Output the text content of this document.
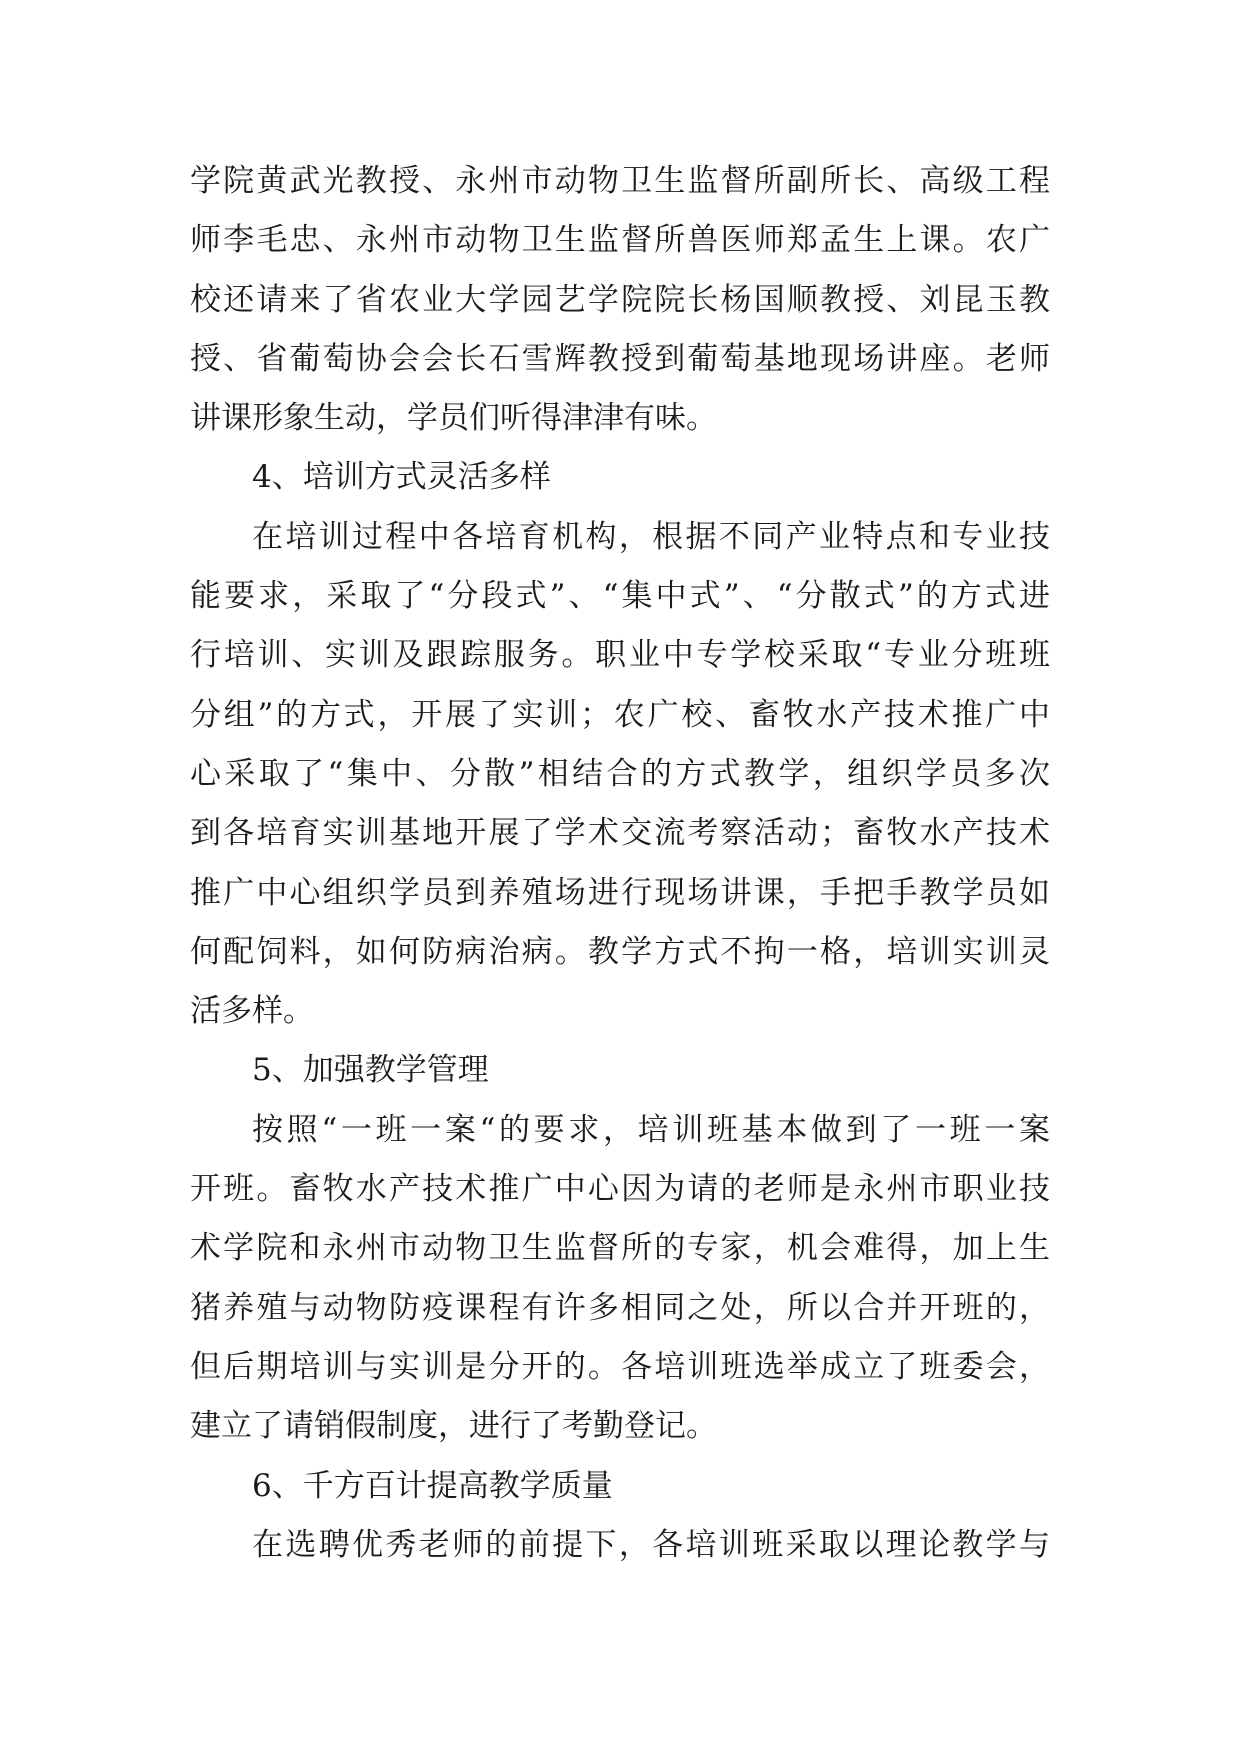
学院黄武光教授、永州市动物卫生监督所副所长、高级工程
师李毛忠、永州市动物卫生监督所兽医师郑孟生上课。农广
校还请来了省农业大学园艺学院院长杨国顺教授、刘昆玉教
授、省葡萄协会会长石雪辉教授到葡萄基地现场讲座。老师
讲课形象生动，学员们听得津津有味。
4、培训方式灵活多样
在培训过程中各培育机构，根据不同产业特点和专业技
能要求，采取了“分段式”、“集中式”、“分散式”的方式进
行培训、实训及跟踪服务。职业中专学校采取“专业分班班
分组”的方式，开展了实训；农广校、畜牧水产技术推广中
心采取了“集中、分散”相结合的方式教学，组织学员多次
到各培育实训基地开展了学术交流考察活动；畜牧水产技术
推广中心组织学员到养殖场进行现场讲课，手把手教学员如
何配饲料，如何防病治病。教学方式不拘一格，培训实训灵
活多样。
5、加强教学管理
按照“一班一案“的要求，培训班基本做到了一班一案
开班。畜牧水产技术推广中心因为请的老师是永州市职业技
术学院和永州市动物卫生监督所的专家，机会难得，加上生
猪养殖与动物防疫课程有许多相同之处，所以合并开班的，
但后期培训与实训是分开的。各培训班选举成立了班委会，
建立了请销假制度，进行了考勤登记。
6、千方百计提高教学质量
在选聘优秀老师的前提下，各培训班采取以理论教学与
